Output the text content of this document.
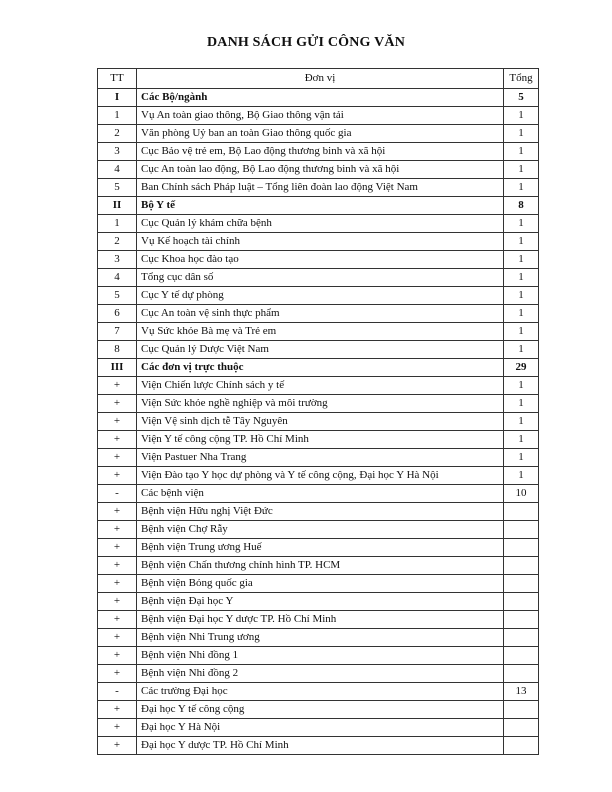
DANH SÁCH GỬI CÔNG VĂN
TT	Đơn vị	Tổng
I	Các Bộ/ngành	5
1	Vụ An toàn giao thông, Bộ Giao thông vận tải	1
2	Văn phòng Uỷ ban an toàn Giao thông quốc gia	1
3	Cục Bảo vệ trẻ em, Bộ Lao động thương binh và xã hội	1
4	Cục An toàn lao động, Bộ Lao động thương binh và xã hội	1
5	Ban Chính sách Pháp luật – Tổng liên đoàn lao động Việt Nam	1
II	Bộ Y tế	8
1	Cục Quản lý khám chữa bệnh	1
2	Vụ Kế hoạch tài chính	1
3	Cục Khoa học đào tạo	1
4	Tổng cục dân số	1
5	Cục Y tế dự phòng	1
6	Cục An toàn vệ sinh thực phẩm	1
7	Vụ Sức khỏe Bà mẹ và Trẻ em	1
8	Cục Quản lý Dược Việt Nam	1
III	Các đơn vị trực thuộc	29
+	Viện Chiến lược Chính sách y tế	1
+	Viện Sức khỏe nghề nghiệp và môi trường	1
+	Viện Vệ sinh dịch tễ Tây Nguyên	1
+	Viện Y tế công cộng TP. Hồ Chí Minh	1
+	Viện Pastuer Nha Trang	1
+	Viện Đào tạo Y học dự phòng và Y tế công cộng, Đại học Y Hà Nội	1
-	Các bệnh viện	10
+	Bệnh viện Hữu nghị Việt Đức	
+	Bệnh viện Chợ Rẫy	
+	Bệnh viện Trung ương Huế	
+	Bệnh viện Chấn thương chỉnh hình TP. HCM	
+	Bệnh viện Bỏng quốc gia	
+	Bệnh viện Đại học Y	
+	Bệnh viện Đại học Y dược TP. Hồ Chí Minh	
+	Bệnh viện Nhi Trung ương	
+	Bệnh viện Nhi đồng 1	
+	Bệnh viện Nhi đồng 2	
-	Các trường Đại học	13
+	Đại học Y tế công cộng	
+	Đại học Y Hà Nội	
+	Đại học Y dược TP. Hồ Chí Minh	
